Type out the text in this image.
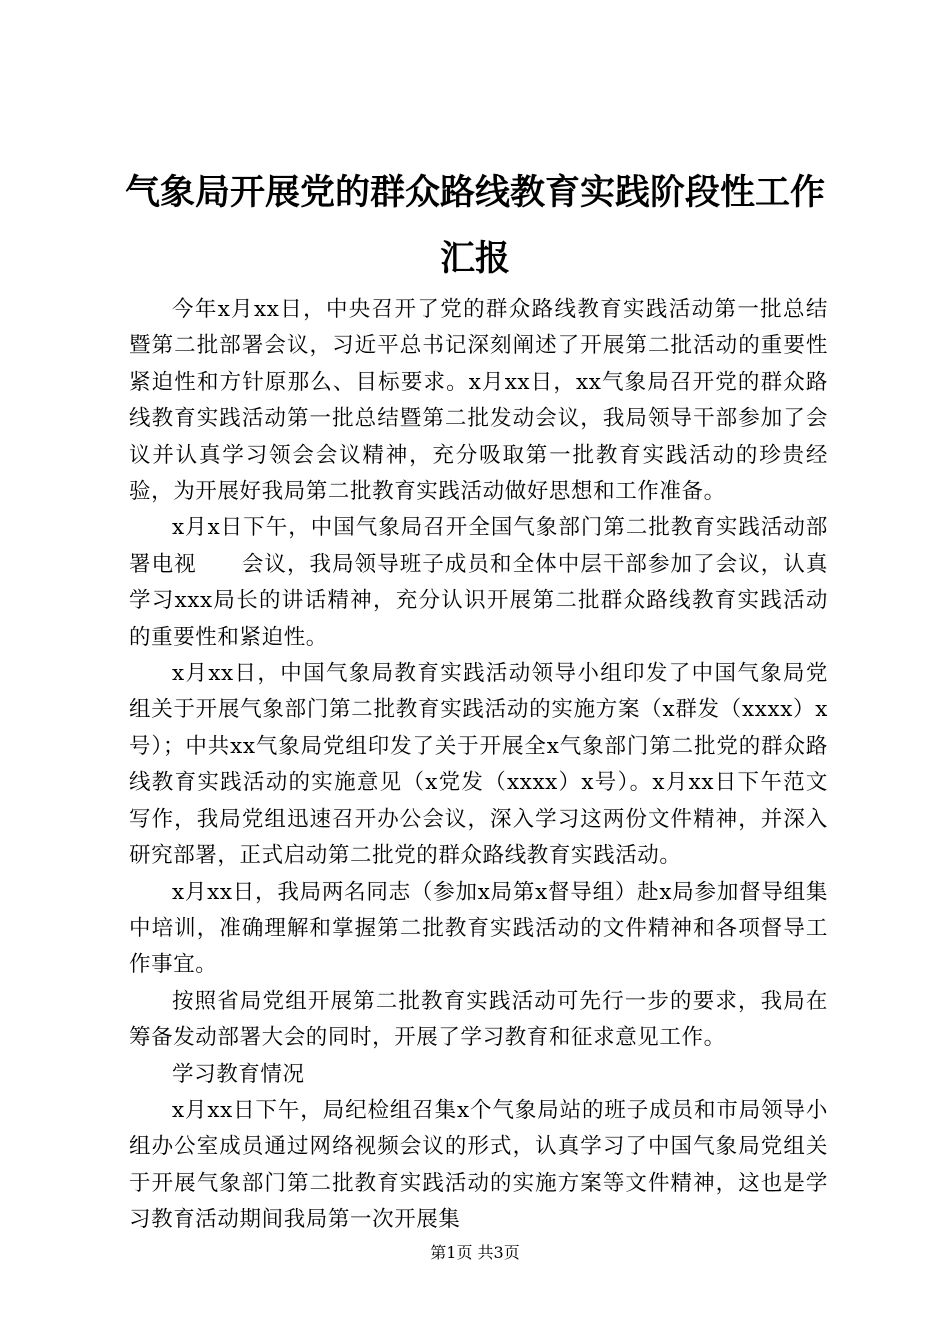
气象局开展党的群众路线教育实践阶段性工作汇报

今年x月xx日，中央召开了党的群众路线教育实践活动第一批总结暨第二批部署会议，习近平总书记深刻阐述了开展第二批活动的重要性紧迫性和方针原那么、目标要求。x月xx日，xx气象局召开党的群众路线教育实践活动第一批总结暨第二批发动会议，我局领导干部参加了会议并认真学习领会会议精神，充分吸取第一批教育实践活动的珍贵经验，为开展好我局第二批教育实践活动做好思想和工作准备。

x月x日下午，中国气象局召开全国气象部门第二批教育实践活动部署电视　　会议，我局领导班子成员和全体中层干部参加了会议，认真学习xxx局长的讲话精神，充分认识开展第二批群众路线教育实践活动的重要性和紧迫性。

x月xx日，中国气象局教育实践活动领导小组印发了中国气象局党组关于开展气象部门第二批教育实践活动的实施方案（x群发（xxxx）x号）；中共xx气象局党组印发了关于开展全x气象部门第二批党的群众路线教育实践活动的实施意见（x党发（xxxx）x号）。x月xx日下午范文写作，我局党组迅速召开办公会议，深入学习这两份文件精神，并深入研究部署，正式启动第二批党的群众路线教育实践活动。

x月xx日，我局两名同志（参加x局第x督导组）赴x局参加督导组集中培训，准确理解和掌握第二批教育实践活动的文件精神和各项督导工作事宜。

按照省局党组开展第二批教育实践活动可先行一步的要求，我局在筹备发动部署大会的同时，开展了学习教育和征求意见工作。

学习教育情况

x月xx日下午，局纪检组召集x个气象局站的班子成员和市局领导小组办公室成员通过网络视频会议的形式，认真学习了中国气象局党组关于开展气象部门第二批教育实践活动的实施方案等文件精神，这也是学习教育活动期间我局第一次开展集

第1页 共3页
